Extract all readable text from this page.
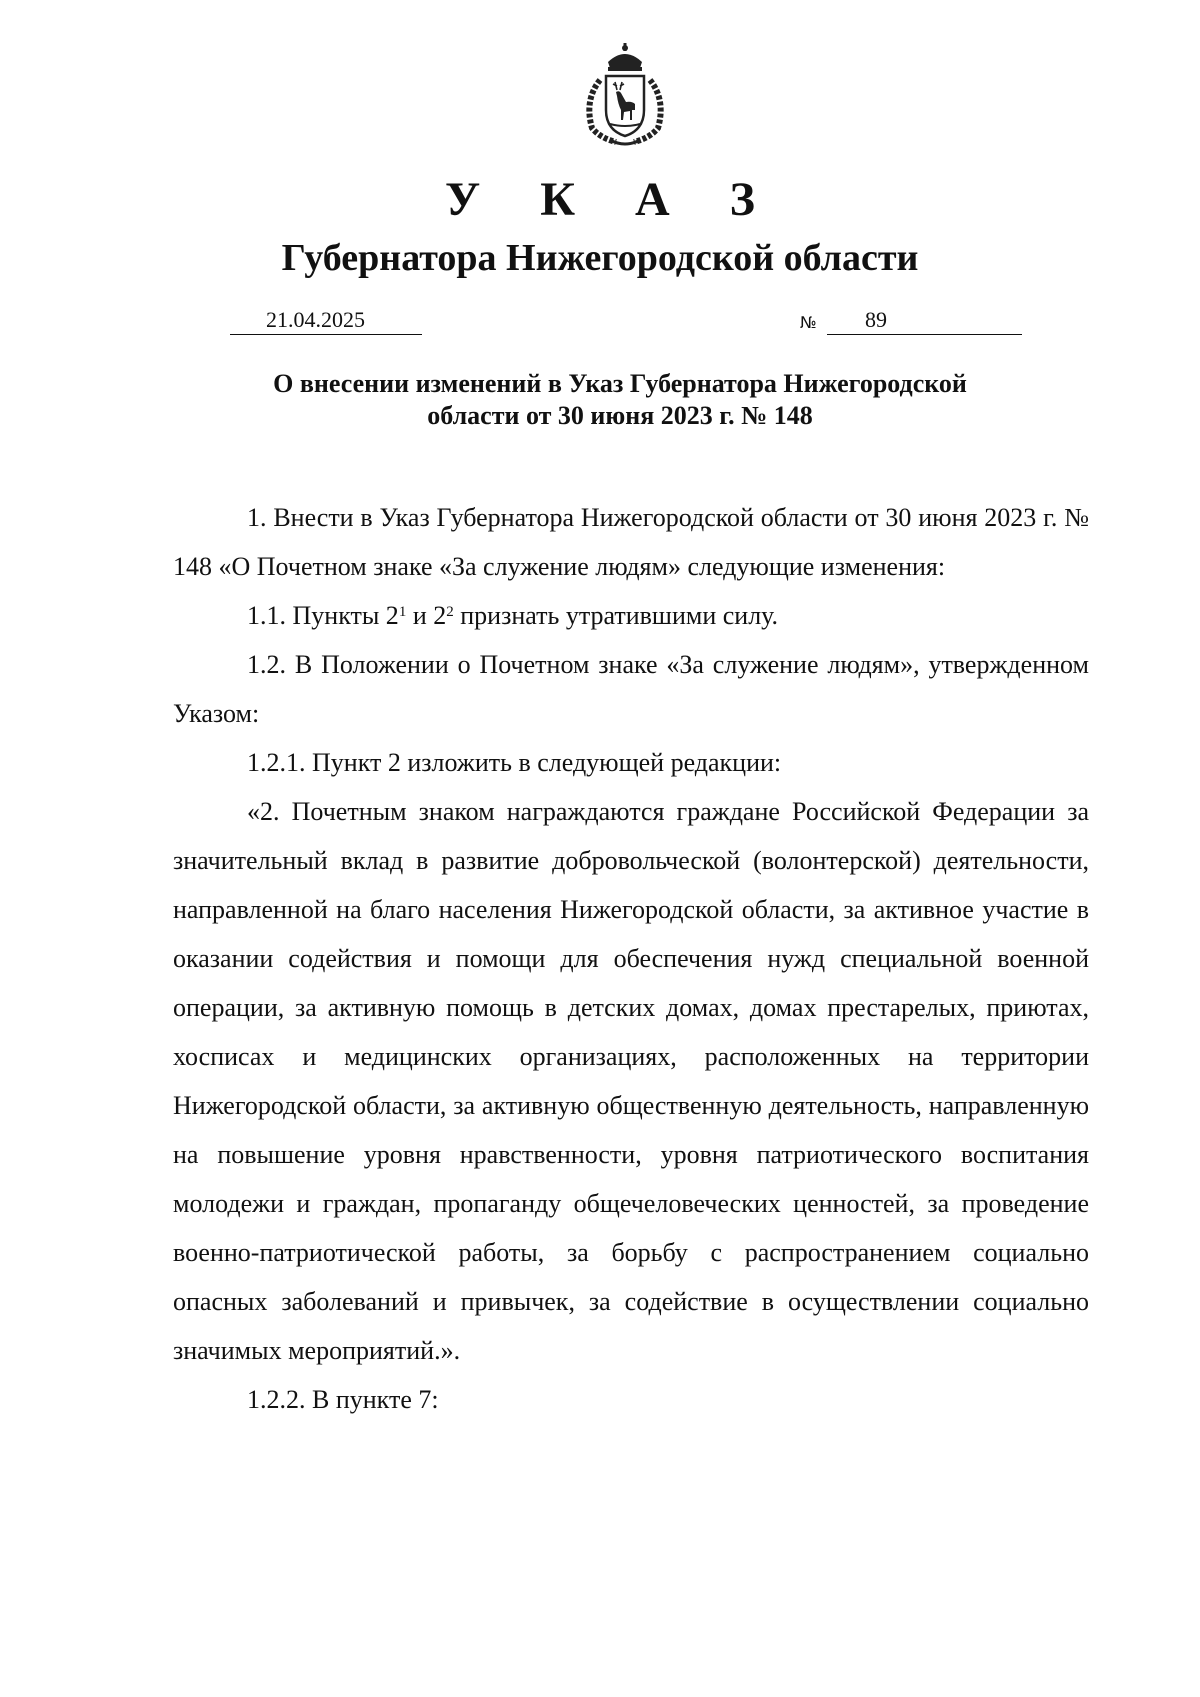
У К А З
Губернатора Нижегородской области
21.04.2025	№ 89
О внесении изменений в Указ Губернатора Нижегородской
области от 30 июня 2023 г. № 148

1. Внести в Указ Губернатора Нижегородской области от 30 июня 2023 г. № 148 «О Почетном знаке «За служение людям» следующие изменения:

1.1. Пункты $2^1$ и $2^2$ признать утратившими силу.

1.2. В Положении о Почетном знаке «За служение людям», утвержденном Указом:

1.2.1. Пункт 2 изложить в следующей редакции:

«2. Почетным знаком награждаются граждане Российской Федерации за значительный вклад в развитие добровольческой (волонтерской) деятельности, направленной на благо населения Нижегородской области, за активное участие в оказании содействия и помощи для обеспечения нужд специальной военной операции, за активную помощь в детских домах, домах престарелых, приютах, хосписах и медицинских организациях, расположенных на территории Нижегородской области, за активную общественную деятельность, направленную на повышение уровня нравственности, уровня патриотического воспитания молодежи и граждан, пропаганду общечеловеческих ценностей, за проведение военно-патриотической работы, за борьбу с распространением социально опасных заболеваний и привычек, за содействие в осуществлении социально значимых мероприятий.».

1.2.2. В пункте 7:
